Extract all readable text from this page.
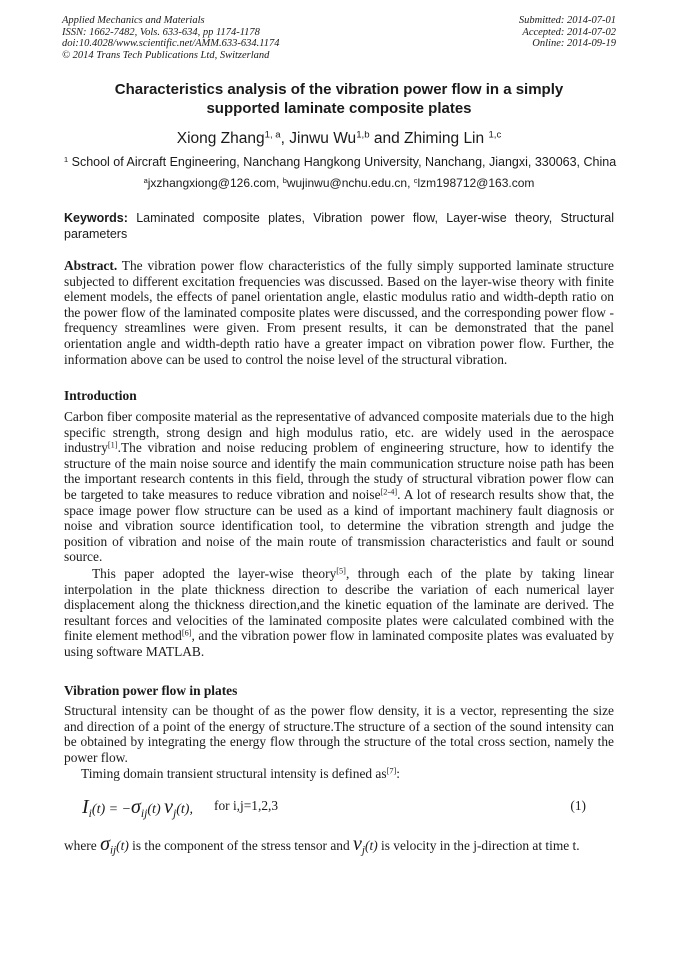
Applied Mechanics and Materials
ISSN: 1662-7482, Vols. 633-634, pp 1174-1178
doi:10.4028/www.scientific.net/AMM.633-634.1174
© 2014 Trans Tech Publications Ltd, Switzerland
Submitted: 2014-07-01
Accepted: 2014-07-02
Online: 2014-09-19
Characteristics analysis of the vibration power flow in a simply
supported laminate composite plates
Xiong Zhang$^{1, a}$, Jinwu Wu$^{1,b}$ and Zhiming Lin $^{1,c}$
$^1$ School of Aircraft Engineering, Nanchang Hangkong University, Nanchang, Jiangxi, 330063, China
$^a$jxzhangxiong@126.com, $^b$wujinwu@nchu.edu.cn, $^c$lzm198712@163.com
Keywords: Laminated composite plates, Vibration power flow, Layer-wise theory, Structural parameters
Abstract. The vibration power flow characteristics of the fully simply supported laminate structure subjected to different excitation frequencies was discussed. Based on the layer-wise theory with finite element models, the effects of panel orientation angle, elastic modulus ratio and width-depth ratio on the power flow of the laminated composite plates were discussed, and the corresponding power flow - frequency streamlines were given. From present results, it can be demonstrated that the panel orientation angle and width-depth ratio have a greater impact on vibration power flow. Further, the information above can be used to control the noise level of the structural vibration.
Introduction
Carbon fiber composite material as the representative of advanced composite materials due to the high specific strength, strong design and high modulus ratio, etc. are widely used in the aerospace industry[1].The vibration and noise reducing problem of engineering structure, how to identify the structure of the main noise source and identify the main communication structure noise path has been the important research contents in this field, through the study of structural vibration power flow can be targeted to take measures to reduce vibration and noise[2-4]. A lot of research results show that, the space image power flow structure can be used as a kind of important machinery fault diagnosis or noise and vibration source identification tool, to determine the vibration strength and judge the position of vibration and noise of the main route of transmission characteristics and fault or sound source.
This paper adopted the layer-wise theory[5], through each of the plate by taking linear interpolation in the plate thickness direction to describe the variation of each numerical layer displacement along the thickness direction,and the kinetic equation of the laminate are derived. The resultant forces and velocities of the laminated composite plates were calculated combined with the finite element method[6], and the vibration power flow in laminated composite plates was evaluated by using software MATLAB.
Vibration power flow in plates
Structural intensity can be thought of as the power flow density, it is a vector, representing the size and direction of a point of the energy of structure.The structure of a section of the sound intensity can be obtained by integrating the energy flow through the structure of the total cross section, namely the power flow.
Timing domain transient structural intensity is defined as[7]:
$I_i(t) = -\sigma_{ij}(t)$ $v_j(t)$, for i,j=1,2,3	(1)
where $\sigma_{ij}(t)$ is the component of the stress tensor and $v_j(t)$ is velocity in the j-direction at time t.
